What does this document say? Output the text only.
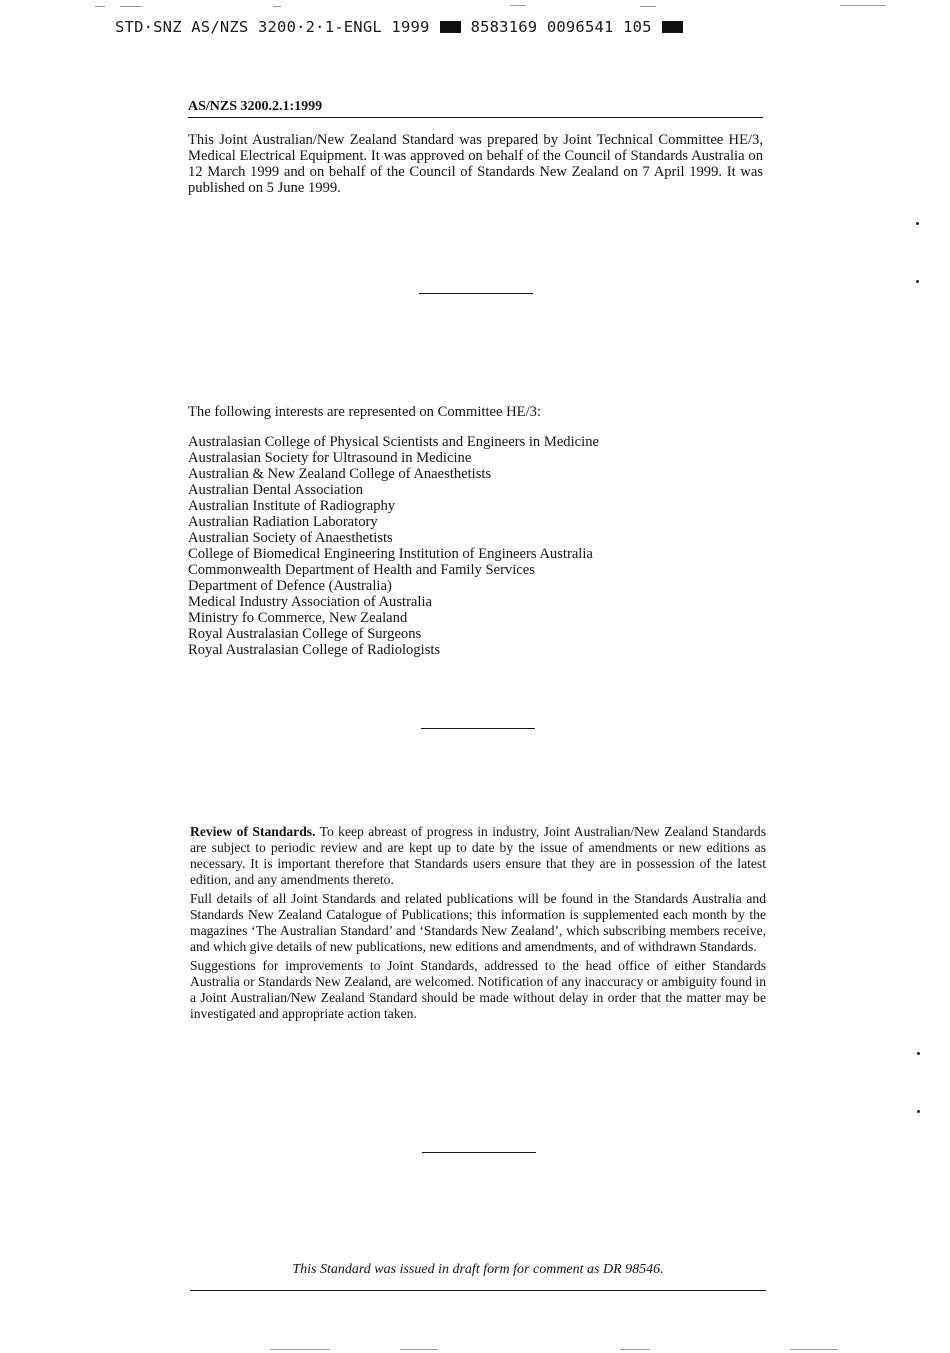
STD·SNZ AS/NZS 3200·2·1-ENGL 1999	8583169 0096541 105
AS/NZS 3200.2.1:1999

This Joint Australian/New Zealand Standard was prepared by Joint Technical Committee HE/3, Medical Electrical Equipment. It was approved on behalf of the Council of Standards Australia on 12 March 1999 and on behalf of the Council of Standards New Zealand on 7 April 1999. It was published on 5 June 1999.

The following interests are represented on Committee HE/3:
Australasian College of Physical Scientists and Engineers in Medicine
Australasian Society for Ultrasound in Medicine
Australian & New Zealand College of Anaesthetists
Australian Dental Association
Australian Institute of Radiography
Australian Radiation Laboratory
Australian Society of Anaesthetists
College of Biomedical Engineering Institution of Engineers Australia
Commonwealth Department of Health and Family Services
Department of Defence (Australia)
Medical Industry Association of Australia
Ministry fo Commerce, New Zealand
Royal Australasian College of Surgeons
Royal Australasian College of Radiologists

Review of Standards. To keep abreast of progress in industry, Joint Australian/New Zealand Standards are subject to periodic review and are kept up to date by the issue of amendments or new editions as necessary. It is important therefore that Standards users ensure that they are in possession of the latest edition, and any amendments thereto.

Full details of all Joint Standards and related publications will be found in the Standards Australia and Standards New Zealand Catalogue of Publications; this information is supplemented each month by the magazines ‘The Australian Standard’ and ‘Standards New Zealand’, which subscribing members receive, and which give details of new publications, new editions and amendments, and of withdrawn Standards.

Suggestions for improvements to Joint Standards, addressed to the head office of either Standards Australia or Standards New Zealand, are welcomed. Notification of any inaccuracy or ambiguity found in a Joint Australian/New Zealand Standard should be made without delay in order that the matter may be investigated and appropriate action taken.

This Standard was issued in draft form for comment as DR 98546.
